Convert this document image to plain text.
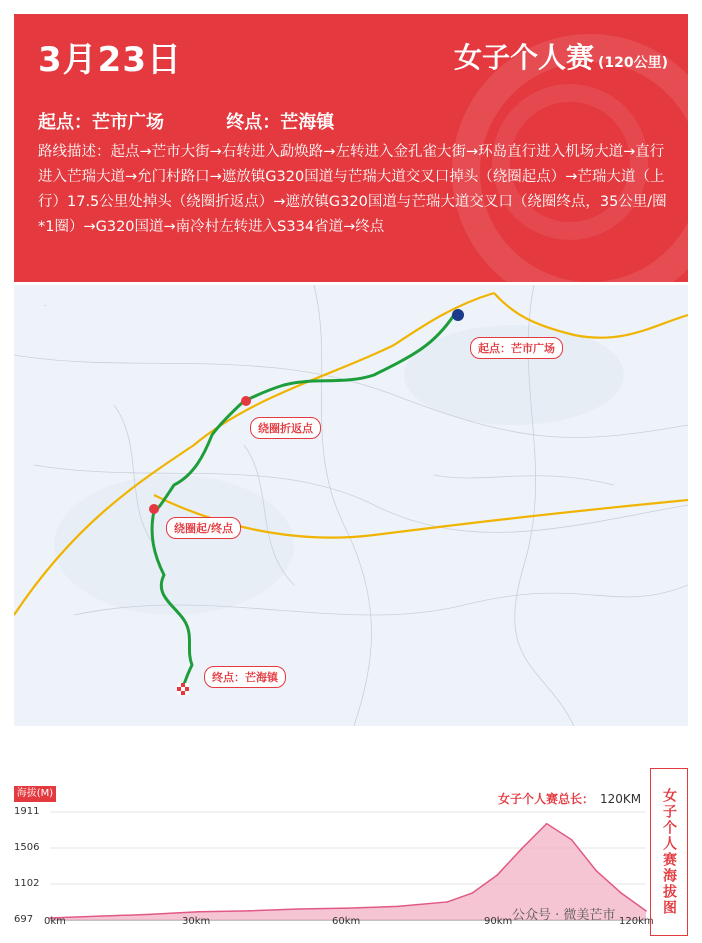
3月23日	女子个人赛 (120公里)
起点：芒市广场	终点：芒海镇
路线描述：起点→芒市大街→右转进入勐焕路→左转进入金孔雀大街→环岛直行进入机场大道→直行进入芒瑞大道→允门村路口→遮放镇G320国道与芒瑞大道交叉口掉头（绕圈起点）→芒瑞大道（上行）17.5公里处掉头（绕圈折返点）→遮放镇G320国道与芒瑞大道交叉口（绕圈终点，35公里/圈*1圈）→G320国道→南冷村左转进入S334省道→终点
·
起点：芒市广场
绕圈折返点
绕圈起/终点
终点：芒海镇
海拔(M)
1911
1506
1102
697 0km	30km	60km	90km	120km
女子个人赛总长： 120KM	女子个人赛海拔图
公众号 · 微美芒市
